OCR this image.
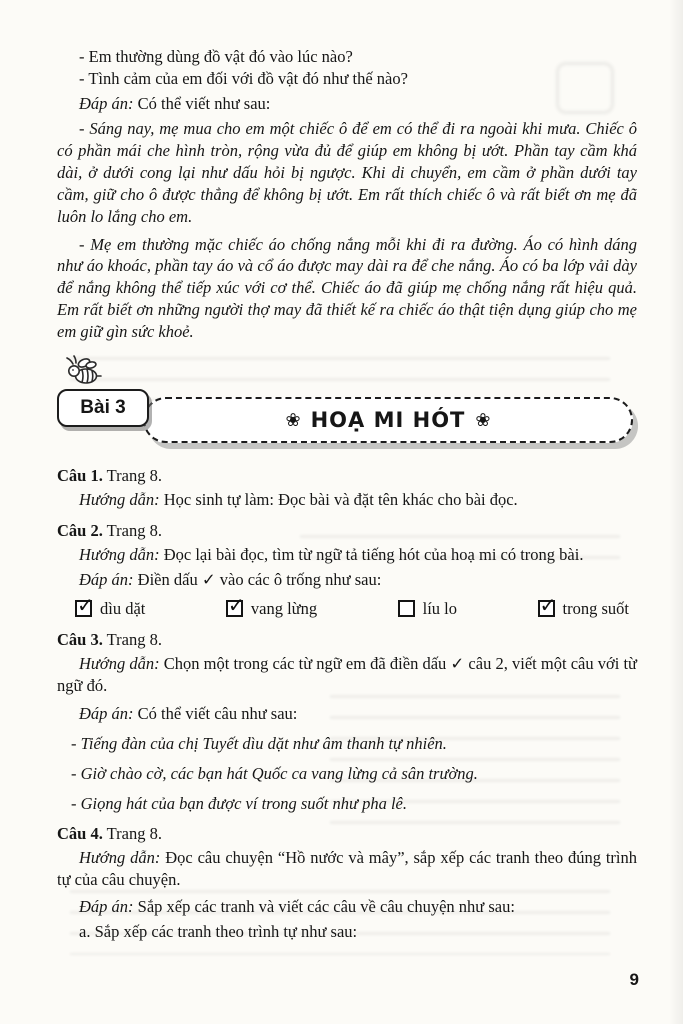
- Em thường dùng đồ vật đó vào lúc nào?

- Tình cảm của em đối với đồ vật đó như thế nào?

Đáp án: Có thể viết như sau:

- Sáng nay, mẹ mua cho em một chiếc ô để em có thể đi ra ngoài khi mưa. Chiếc ô có phần mái che hình tròn, rộng vừa đủ để giúp em không bị ướt. Phần tay cầm khá dài, ở dưới cong lại như dấu hỏi bị ngược. Khi di chuyển, em cầm ở phần dưới tay cầm, giữ cho ô được thẳng để không bị ướt. Em rất thích chiếc ô và rất biết ơn mẹ đã luôn lo lắng cho em.

- Mẹ em thường mặc chiếc áo chống nắng mỗi khi đi ra đường. Áo có hình dáng như áo khoác, phần tay áo và cổ áo được may dài ra để che nắng. Áo có ba lớp vải dày để nắng không thể tiếp xúc với cơ thể. Chiếc áo đã giúp mẹ chống nắng rất hiệu quả. Em rất biết ơn những người thợ may đã thiết kế ra chiếc áo thật tiện dụng giúp cho mẹ em giữ gìn sức khoẻ.

Bài 3
❀ HOẠ MI HÓT ❀

Câu 1. Trang 8.

Hướng dẫn: Học sinh tự làm: Đọc bài và đặt tên khác cho bài đọc.

Câu 2. Trang 8.

Hướng dẫn: Đọc lại bài đọc, tìm từ ngữ tả tiếng hót của hoạ mi có trong bài.

Đáp án: Điền dấu ✓ vào các ô trống như sau:

✓ dìu dặt	✓ vang lừng	líu lo	✓ trong suốt

Câu 3. Trang 8.

Hướng dẫn: Chọn một trong các từ ngữ em đã điền dấu ✓ câu 2, viết một câu với từ ngữ đó.

Đáp án: Có thể viết câu như sau:

- Tiếng đàn của chị Tuyết dìu dặt như âm thanh tự nhiên.

- Giờ chào cờ, các bạn hát Quốc ca vang lừng cả sân trường.

- Giọng hát của bạn được ví trong suốt như pha lê.

Câu 4. Trang 8.

Hướng dẫn: Đọc câu chuyện “Hồ nước và mây”, sắp xếp các tranh theo đúng trình tự của câu chuyện.

Đáp án: Sắp xếp các tranh và viết các câu về câu chuyện như sau:

a. Sắp xếp các tranh theo trình tự như sau:

9
